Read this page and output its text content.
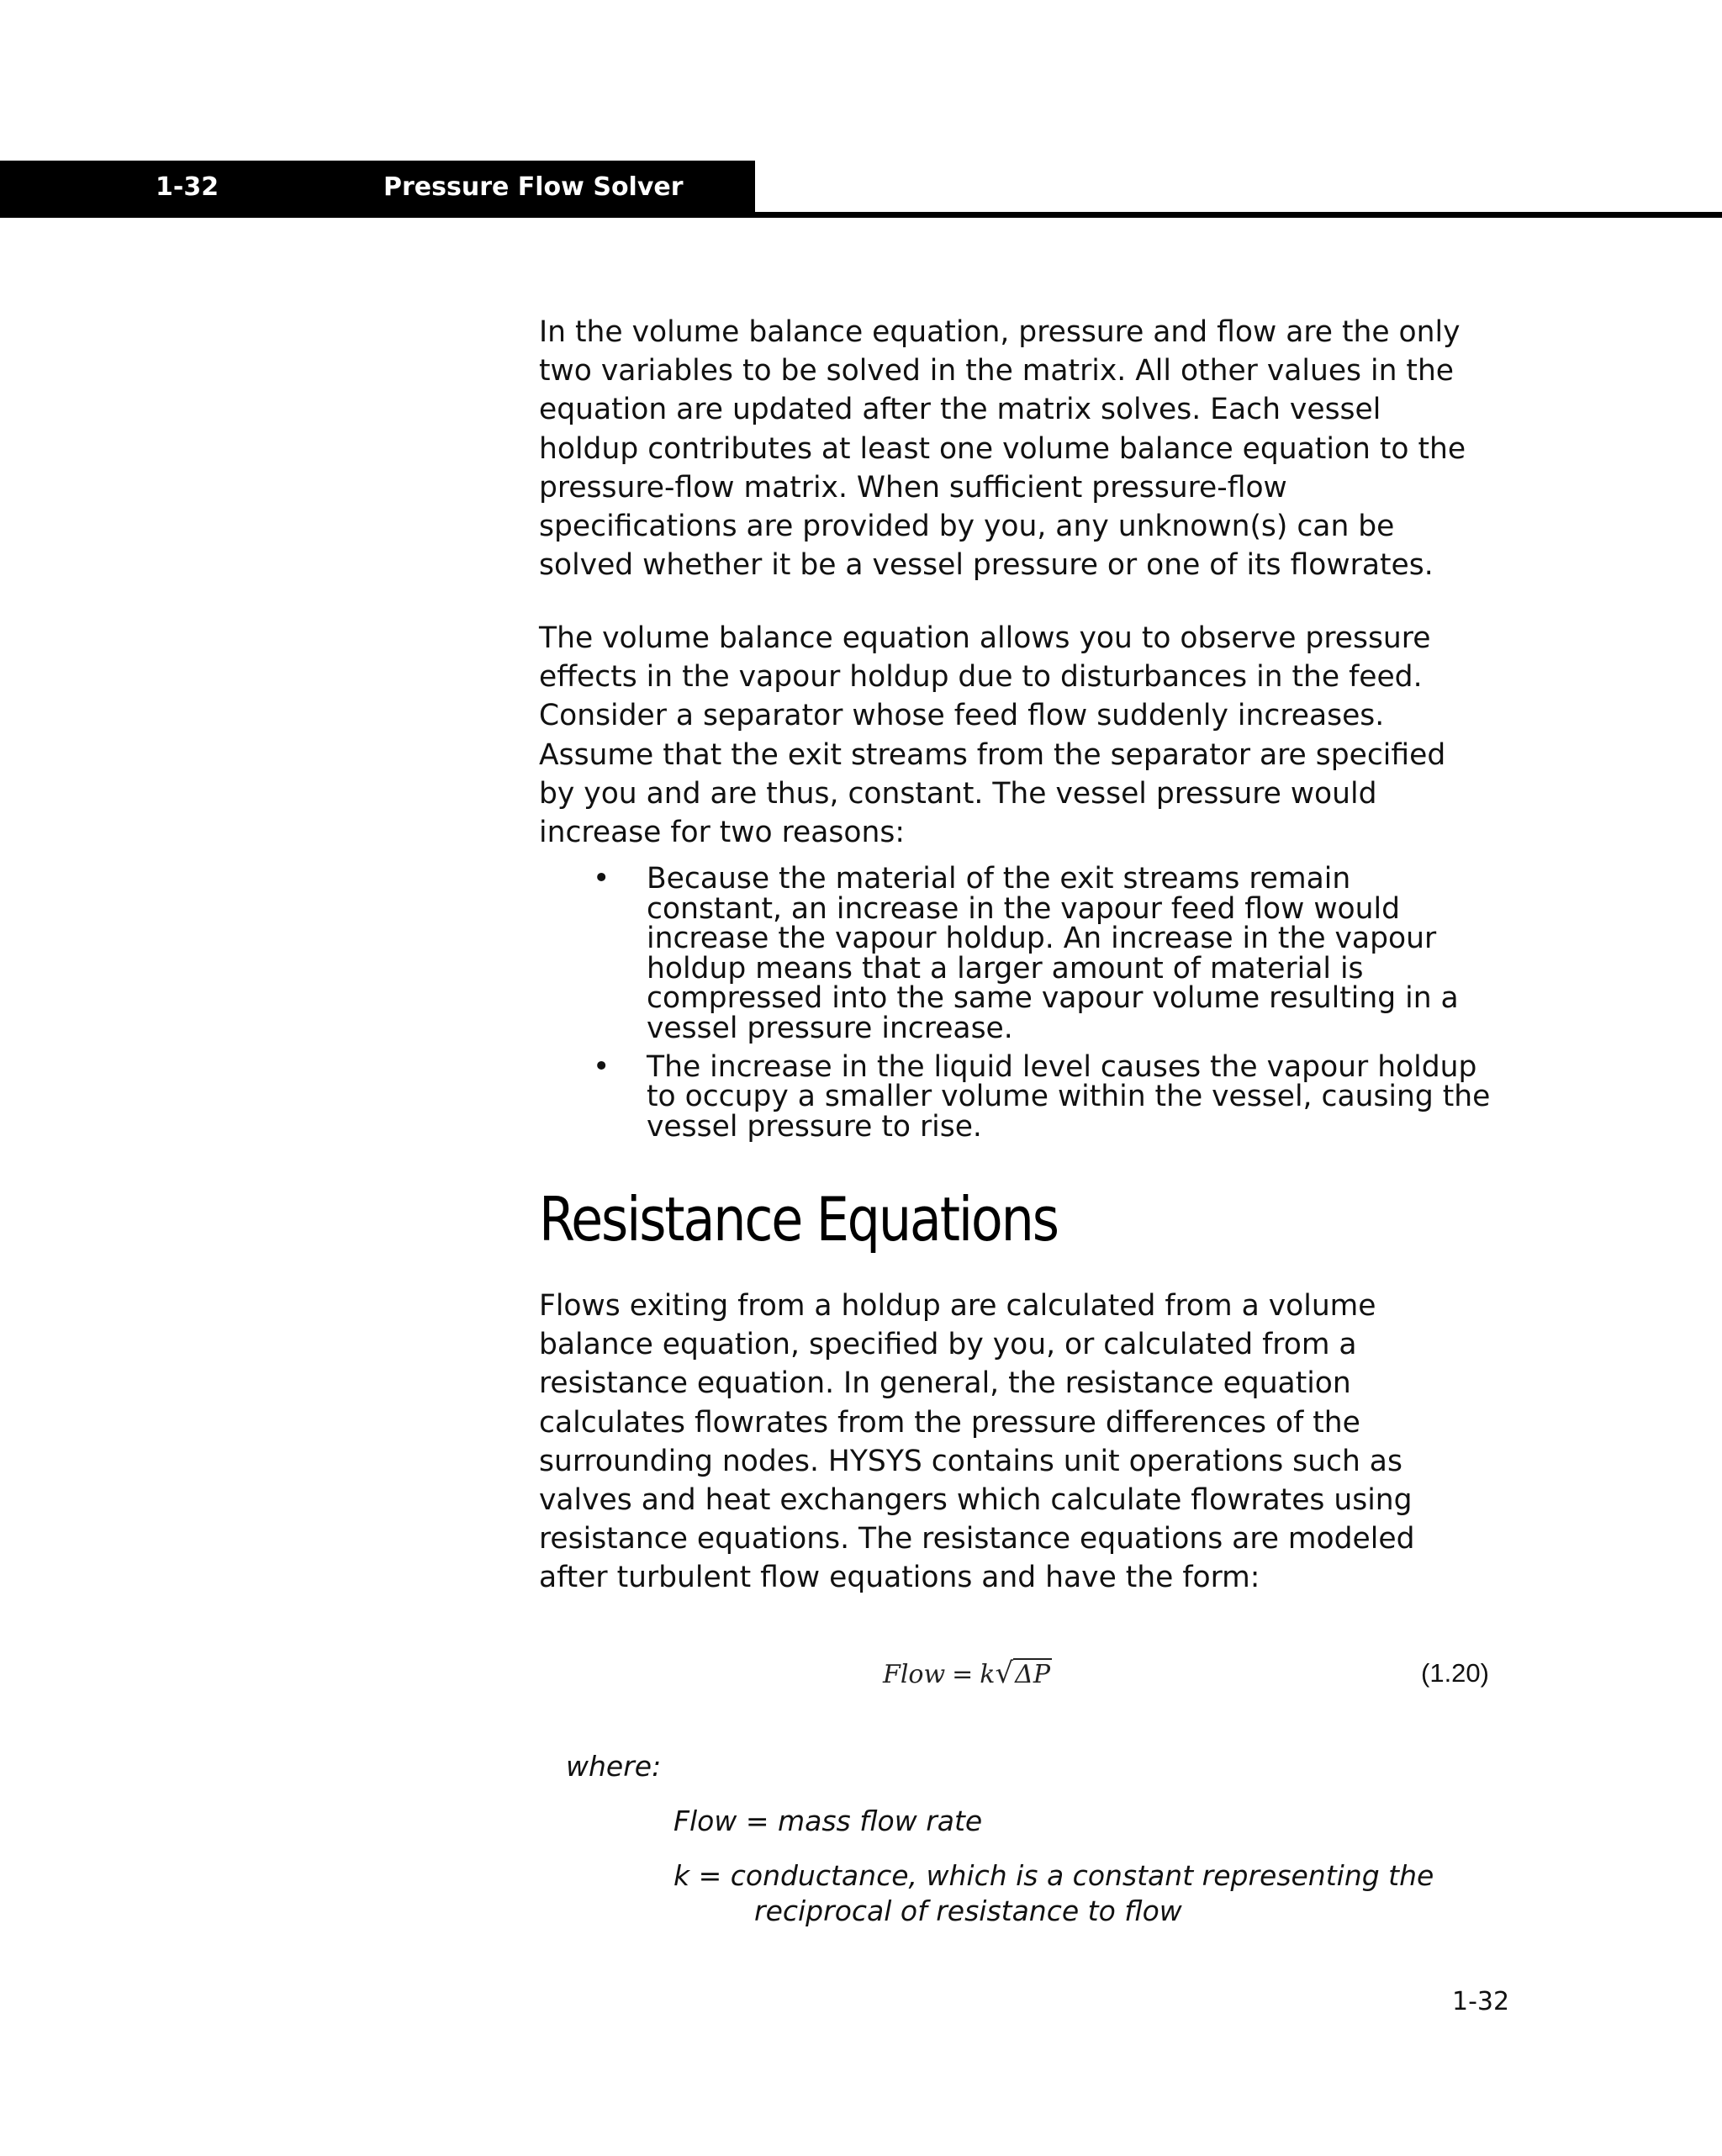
1-32	Pressure Flow Solver

In the volume balance equation, pressure and flow are the only
two variables to be solved in the matrix. All other values in the
equation are updated after the matrix solves. Each vessel
holdup contributes at least one volume balance equation to the
pressure-flow matrix. When sufficient pressure-flow
specifications are provided by you, any unknown(s) can be
solved whether it be a vessel pressure or one of its flowrates.

The volume balance equation allows you to observe pressure
effects in the vapour holdup due to disturbances in the feed.
Consider a separator whose feed flow suddenly increases.
Assume that the exit streams from the separator are specified
by you and are thus, constant. The vessel pressure would
increase for two reasons:

• Because the material of the exit streams remain
constant, an increase in the vapour feed flow would
increase the vapour holdup. An increase in the vapour
holdup means that a larger amount of material is
compressed into the same vapour volume resulting in a
vessel pressure increase.
• The increase in the liquid level causes the vapour holdup
to occupy a smaller volume within the vessel, causing the
vessel pressure to rise.
Resistance Equations

Flows exiting from a holdup are calculated from a volume
balance equation, specified by you, or calculated from a
resistance equation. In general, the resistance equation
calculates flowrates from the pressure differences of the
surrounding nodes. HYSYS contains unit operations such as
valves and heat exchangers which calculate flowrates using
resistance equations. The resistance equations are modeled
after turbulent flow equations and have the form:

Flow = k√ΔP	(1.20)
where:
Flow = mass flow rate
k = conductance, which is a constant representing the
reciprocal of resistance to flow
1-32
